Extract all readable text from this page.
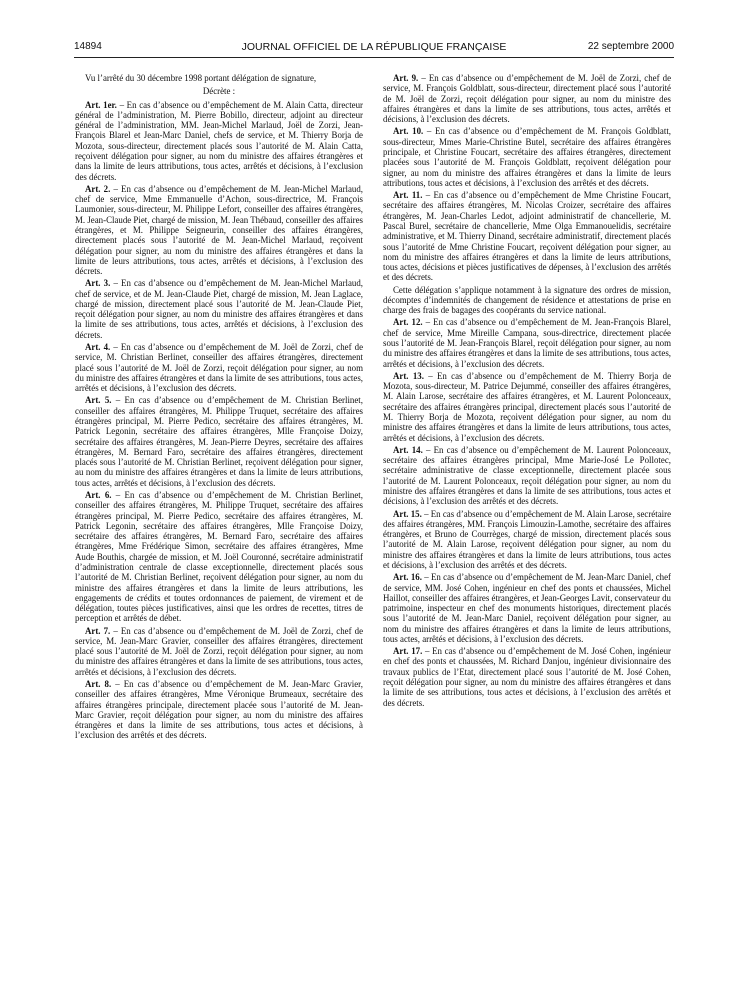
14894	JOURNAL OFFICIEL DE LA RÉPUBLIQUE FRANÇAISE	22 septembre 2000

Vu l’arrêté du 30 décembre 1998 portant délégation de signature,

Décrète :

Art. 1er. – En cas d’absence ou d’empêchement de M. Alain Catta, directeur général de l’administration, M. Pierre Bobillo, directeur, adjoint au directeur général de l’administration, MM. Jean-Michel Marlaud, Joël de Zorzi, Jean-François Blarel et Jean-Marc Daniel, chefs de service, et M. Thierry Borja de Mozota, sous-directeur, directement placés sous l’autorité de M. Alain Catta, reçoivent délégation pour signer, au nom du ministre des affaires étrangères et dans la limite de leurs attributions, tous actes, arrêtés et décisions, à l’exclusion des décrets.

Art. 2. – En cas d’absence ou d’empêchement de M. Jean-Michel Marlaud, chef de service, Mme Emmanuelle d’Achon, sous-directrice, M. François Laumonier, sous-directeur, M. Philippe Lefort, conseiller des affaires étrangères, M. Jean-Claude Piet, chargé de mission, M. Jean Thébaud, conseiller des affaires étrangères, et M. Philippe Seigneurin, conseiller des affaires étrangères, directement placés sous l’autorité de M. Jean-Michel Marlaud, reçoivent délégation pour signer, au nom du ministre des affaires étrangères et dans la limite de leurs attributions, tous actes, arrêtés et décisions, à l’exclusion des décrets.

Art. 3. – En cas d’absence ou d’empêchement de M. Jean-Michel Marlaud, chef de service, et de M. Jean-Claude Piet, chargé de mission, M. Jean Laglace, chargé de mission, directement placé sous l’autorité de M. Jean-Claude Piet, reçoit délégation pour signer, au nom du ministre des affaires étrangères et dans la limite de ses attributions, tous actes, arrêtés et décisions, à l’exclusion des décrets.

Art. 4. – En cas d’absence ou d’empêchement de M. Joël de Zorzi, chef de service, M. Christian Berlinet, conseiller des affaires étrangères, directement placé sous l’autorité de M. Joël de Zorzi, reçoit délégation pour signer, au nom du ministre des affaires étrangères et dans la limite de ses attributions, tous actes, arrêtés et décisions, à l’exclusion des décrets.

Art. 5. – En cas d’absence ou d’empêchement de M. Christian Berlinet, conseiller des affaires étrangères, M. Philippe Truquet, secrétaire des affaires étrangères principal, M. Pierre Pedico, secrétaire des affaires étrangères, M. Patrick Legonin, secrétaire des affaires étrangères, Mlle Françoise Doizy, secrétaire des affaires étrangères, M. Jean-Pierre Deyres, secrétaire des affaires étrangères, M. Bernard Faro, secrétaire des affaires étrangères, directement placés sous l’autorité de M. Christian Berlinet, reçoivent délégation pour signer, au nom du ministre des affaires étrangères et dans la limite de leurs attributions, tous actes, arrêtés et décisions, à l’exclusion des décrets.

Art. 6. – En cas d’absence ou d’empêchement de M. Christian Berlinet, conseiller des affaires étrangères, M. Philippe Truquet, secrétaire des affaires étrangères principal, M. Pierre Pedico, secrétaire des affaires étrangères, M. Patrick Legonin, secrétaire des affaires étrangères, Mlle Françoise Doizy, secrétaire des affaires étrangères, M. Bernard Faro, secrétaire des affaires étrangères, Mme Frédérique Simon, secrétaire des affaires étrangères, Mme Aude Bouthis, chargée de mission, et M. Joël Couronné, secrétaire administratif d’administration centrale de classe exceptionnelle, directement placés sous l’autorité de M. Christian Berlinet, reçoivent délégation pour signer, au nom du ministre des affaires étrangères et dans la limite de leurs attributions, les engagements de crédits et toutes ordonnances de paiement, de virement et de délégation, toutes pièces justificatives, ainsi que les ordres de recettes, titres de perception et arrêtés de débet.

Art. 7. – En cas d’absence ou d’empêchement de M. Joël de Zorzi, chef de service, M. Jean-Marc Gravier, conseiller des affaires étrangères, directement placé sous l’autorité de M. Joël de Zorzi, reçoit délégation pour signer, au nom du ministre des affaires étrangères et dans la limite de ses attributions, tous actes, arrêtés et décisions, à l’exclusion des décrets.

Art. 8. – En cas d’absence ou d’empêchement de M. Jean-Marc Gravier, conseiller des affaires étrangères, Mme Véronique Brumeaux, secrétaire des affaires étrangères principale, directement placée sous l’autorité de M. Jean-Marc Gravier, reçoit délégation pour signer, au nom du ministre des affaires étrangères et dans la limite de ses attributions, tous actes et décisions, à l’exclusion des arrêtés et des décrets.

Art. 9. – En cas d’absence ou d’empêchement de M. Joël de Zorzi, chef de service, M. François Goldblatt, sous-directeur, directement placé sous l’autorité de M. Joël de Zorzi, reçoit délégation pour signer, au nom du ministre des affaires étrangères et dans la limite de ses attributions, tous actes, arrêtés et décisions, à l’exclusion des décrets.

Art. 10. – En cas d’absence ou d’empêchement de M. François Goldblatt, sous-directeur, Mmes Marie-Christine Butel, secrétaire des affaires étrangères principale, et Christine Foucart, secrétaire des affaires étrangères, directement placées sous l’autorité de M. François Goldblatt, reçoivent délégation pour signer, au nom du ministre des affaires étrangères et dans la limite de leurs attributions, tous actes et décisions, à l’exclusion des arrêtés et des décrets.

Art. 11. – En cas d’absence ou d’empêchement de Mme Christine Foucart, secrétaire des affaires étrangères, M. Nicolas Croizer, secrétaire des affaires étrangères, M. Jean-Charles Ledot, adjoint administratif de chancellerie, M. Pascal Burel, secrétaire de chancellerie, Mme Olga Emmanouelidis, secrétaire administrative, et M. Thierry Dinand, secrétaire administratif, directement placés sous l’autorité de Mme Christine Foucart, reçoivent délégation pour signer, au nom du ministre des affaires étrangères et dans la limite de leurs attributions, tous actes, décisions et pièces justificatives de dépenses, à l’exclusion des arrêtés et des décrets.

Cette délégation s’applique notamment à la signature des ordres de mission, décomptes d’indemnités de changement de résidence et attestations de prise en charge des frais de bagages des coopérants du service national.

Art. 12. – En cas d’absence ou d’empêchement de M. Jean-François Blarel, chef de service, Mme Mireille Campana, sous-directrice, directement placée sous l’autorité de M. Jean-François Blarel, reçoit délégation pour signer, au nom du ministre des affaires étrangères et dans la limite de ses attributions, tous actes, arrêtés et décisions, à l’exclusion des décrets.

Art. 13. – En cas d’absence ou d’empêchement de M. Thierry Borja de Mozota, sous-directeur, M. Patrice Dejummé, conseiller des affaires étrangères, M. Alain Larose, secrétaire des affaires étrangères, et M. Laurent Polonceaux, secrétaire des affaires étrangères principal, directement placés sous l’autorité de M. Thierry Borja de Mozota, reçoivent délégation pour signer, au nom du ministre des affaires étrangères et dans la limite de leurs attributions, tous actes, arrêtés et décisions, à l’exclusion des décrets.

Art. 14. – En cas d’absence ou d’empêchement de M. Laurent Polonceaux, secrétaire des affaires étrangères principal, Mme Marie-José Le Pollotec, secrétaire administrative de classe exceptionnelle, directement placée sous l’autorité de M. Laurent Polonceaux, reçoit délégation pour signer, au nom du ministre des affaires étrangères et dans la limite de ses attributions, tous actes et décisions, à l’exclusion des arrêtés et des décrets.

Art. 15. – En cas d’absence ou d’empêchement de M. Alain Larose, secrétaire des affaires étrangères, MM. François Limouzin-Lamothe, secrétaire des affaires étrangères, et Bruno de Courrèges, chargé de mission, directement placés sous l’autorité de M. Alain Larose, reçoivent délégation pour signer, au nom du ministre des affaires étrangères et dans la limite de leurs attributions, tous actes et décisions, à l’exclusion des arrêtés et des décrets.

Art. 16. – En cas d’absence ou d’empêchement de M. Jean-Marc Daniel, chef de service, MM. José Cohen, ingénieur en chef des ponts et chaussées, Michel Haillot, conseiller des affaires étrangères, et Jean-Georges Lavit, conservateur du patrimoine, inspecteur en chef des monuments historiques, directement placés sous l’autorité de M. Jean-Marc Daniel, reçoivent délégation pour signer, au nom du ministre des affaires étrangères et dans la limite de leurs attributions, tous actes, arrêtés et décisions, à l’exclusion des décrets.

Art. 17. – En cas d’absence ou d’empêchement de M. José Cohen, ingénieur en chef des ponts et chaussées, M. Richard Danjou, ingénieur divisionnaire des travaux publics de l’Etat, directement placé sous l’autorité de M. José Cohen, reçoit délégation pour signer, au nom du ministre des affaires étrangères et dans la limite de ses attributions, tous actes et décisions, à l’exclusion des arrêtés et des décrets.
